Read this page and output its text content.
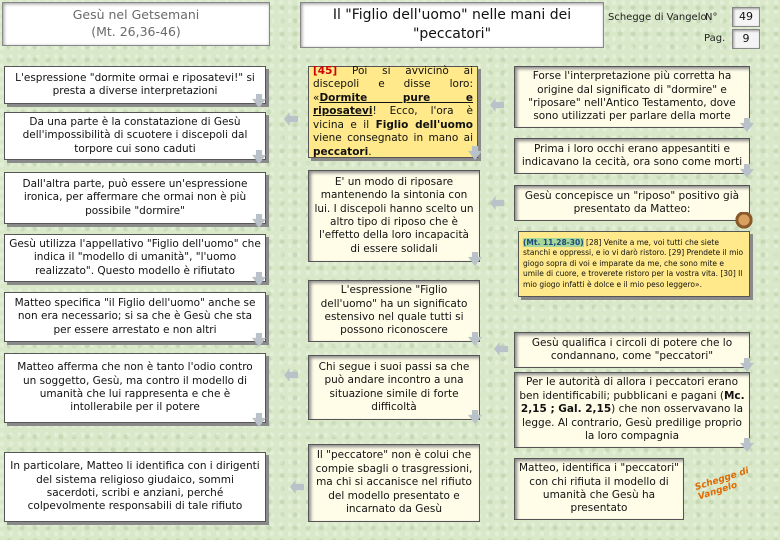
Gesù nel Getsemani
(Mt. 26,36-46)
Il "Figlio dell'uomo" nelle mani dei
"peccatori"
Schegge di Vangelo
N°	49
Pag.	9
L'espressione "dormite ormai e riposatevi!" si presta a diverse interpretazioni
Da una parte è la constatazione di Gesù dell'impossibilità di scuotere i discepoli dal torpore cui sono caduti
Dall'altra parte, può essere un'espressione ironica, per affermare che ormai non è più possibile "dormire"
Gesù utilizza l'appellativo "Figlio dell'uomo" che indica il "modello di umanità", "l'uomo realizzato". Questo modello è rifiutato
Matteo specifica "il Figlio dell'uomo" anche se non era necessario; si sa che è Gesù che sta per essere arrestato e non altri
Matteo afferma che non è tanto l'odio contro un soggetto, Gesù, ma contro il modello di umanità che lui rappresenta e che è intollerabile per il potere
In particolare, Matteo li identifica con i dirigenti del sistema religioso giudaico, sommi sacerdoti, scribi e anziani, perché colpevolmente responsabili di tale rifiuto
[45] Poi si avvicinò ai discepoli e disse loro: «Dormite pure e riposatevi! Ecco, l'ora è vicina e il Figlio dell'uomo viene consegnato in mano ai peccatori.
E' un modo di riposare mantenendo la sintonia con lui. I discepoli hanno scelto un altro tipo di riposo che è l'effetto della loro incapacità di essere solidali
L'espressione "Figlio dell'uomo" ha un significato estensivo nel quale tutti si possono riconoscere
Chi segue i suoi passi sa che può andare incontro a una situazione simile di forte difficoltà
Il "peccatore" non è colui che compie sbagli o trasgressioni, ma chi si accanisce nel rifiuto del modello presentato e incarnato da Gesù
Forse l'interpretazione più corretta ha origine dal significato di "dormire" e "riposare" nell'Antico Testamento, dove sono utilizzati per parlare della morte
Prima i loro occhi erano appesantiti e indicavano la cecità, ora sono come morti
Gesù concepisce un "riposo" positivo già presentato da Matteo:
(Mt. 11,28-30) [28] Venite a me, voi tutti che siete stanchi e oppressi, e io vi darò ristoro. [29] Prendete il mio giogo sopra di voi e imparate da me, che sono mite e umile di cuore, e troverete ristoro per la vostra vita. [30] Il mio giogo infatti è dolce e il mio peso leggero».
Gesù qualifica i circoli di potere che lo condannano, come "peccatori"
Per le autorità di allora i peccatori erano ben identificabili; pubblicani e pagani (Mc. 2,15 ; Gal. 2,15) che non osservavano la legge. Al contrario, Gesù predilige proprio la loro compagnia
Matteo, identifica i "peccatori" con chi rifiuta il modello di umanità che Gesù ha presentato
Schegge di Vangelo
